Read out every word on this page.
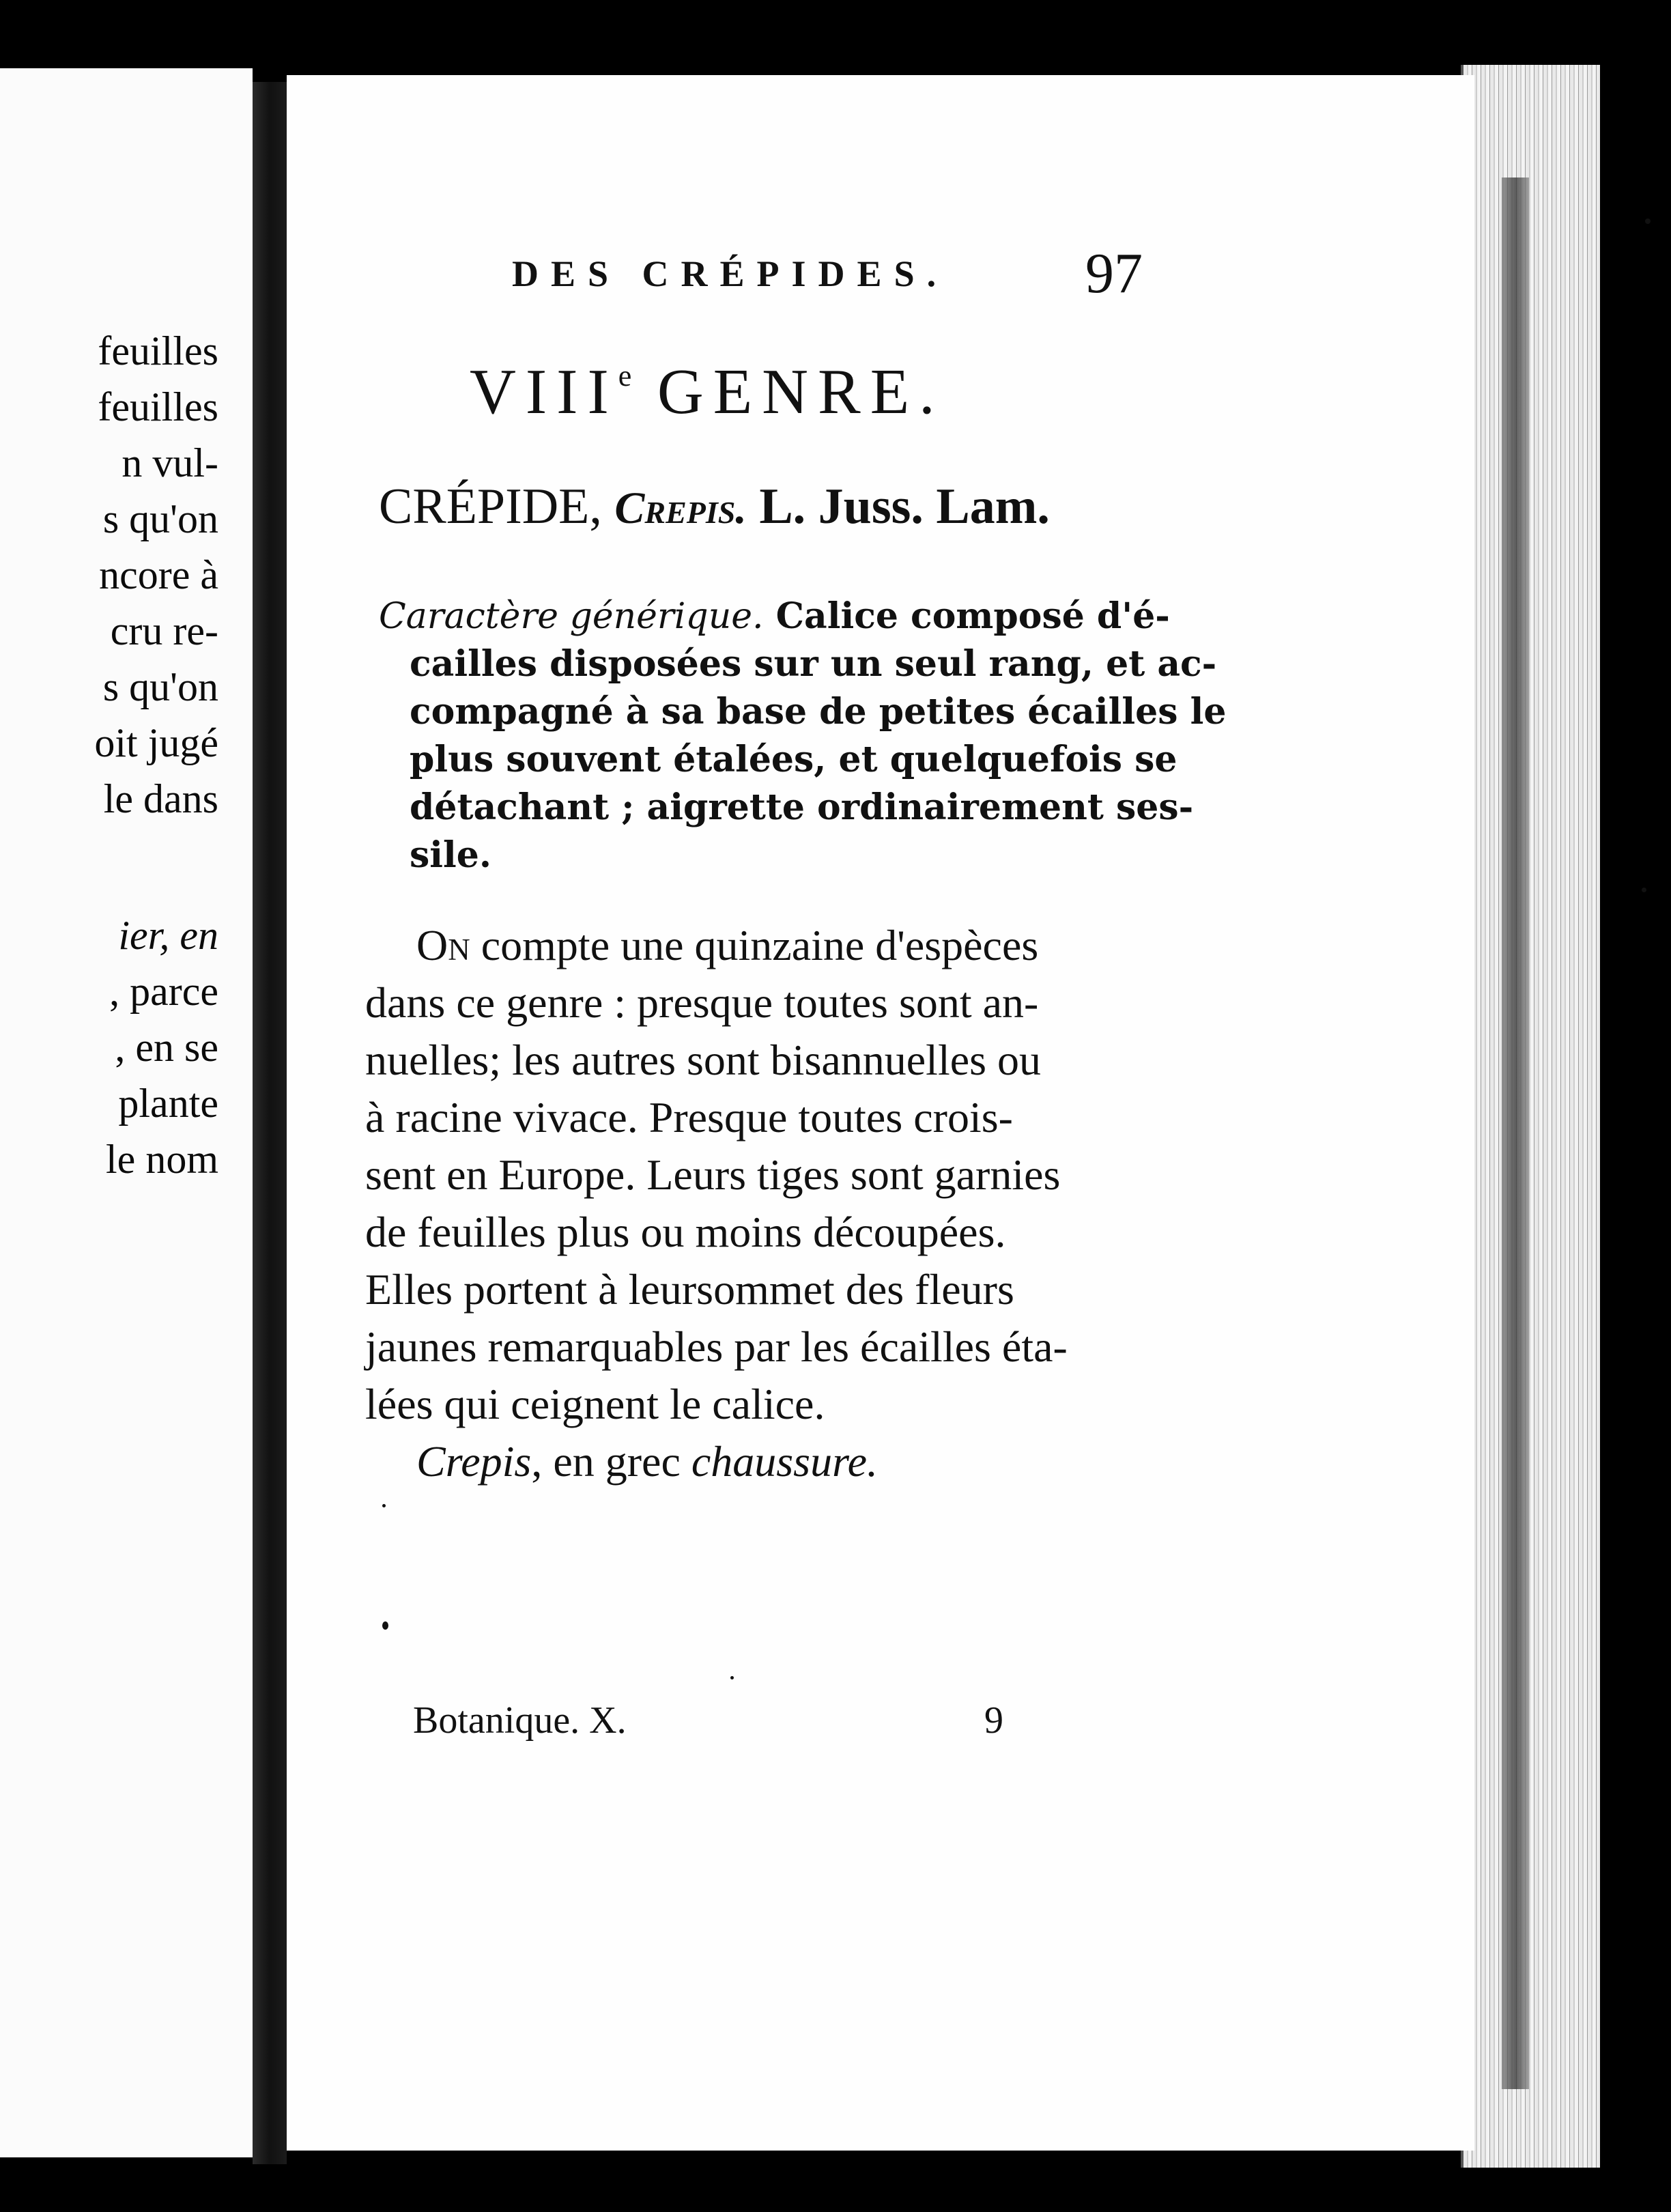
feuilles
feuilles
n vul-
s qu'on
ncore à
cru re-
s qu'on
oit jugé
le dans
ier, en
, parce
, en se
plante
le nom
DES CRÉPIDES. 97
VIIIe GENRE.
CRÉPIDE, Crepis. L. Juss. Lam.
Caractère générique. Calice composé d'é-
cailles disposées sur un seul rang, et ac-
compagné à sa base de petites écailles le
plus souvent étalées, et quelquefois se
détachant ; aigrette ordinairement ses-
sile.
On compte une quinzaine d'espèces
dans ce genre : presque toutes sont an-
nuelles; les autres sont bisannuelles ou
à racine vivace. Presque toutes crois-
sent en Europe. Leurs tiges sont garnies
de feuilles plus ou moins découpées.
Elles portent à leursommet des fleurs
jaunes remarquables par les écailles éta-
lées qui ceignent le calice.
Crepis, en grec chaussure.
Botanique. X.	9
